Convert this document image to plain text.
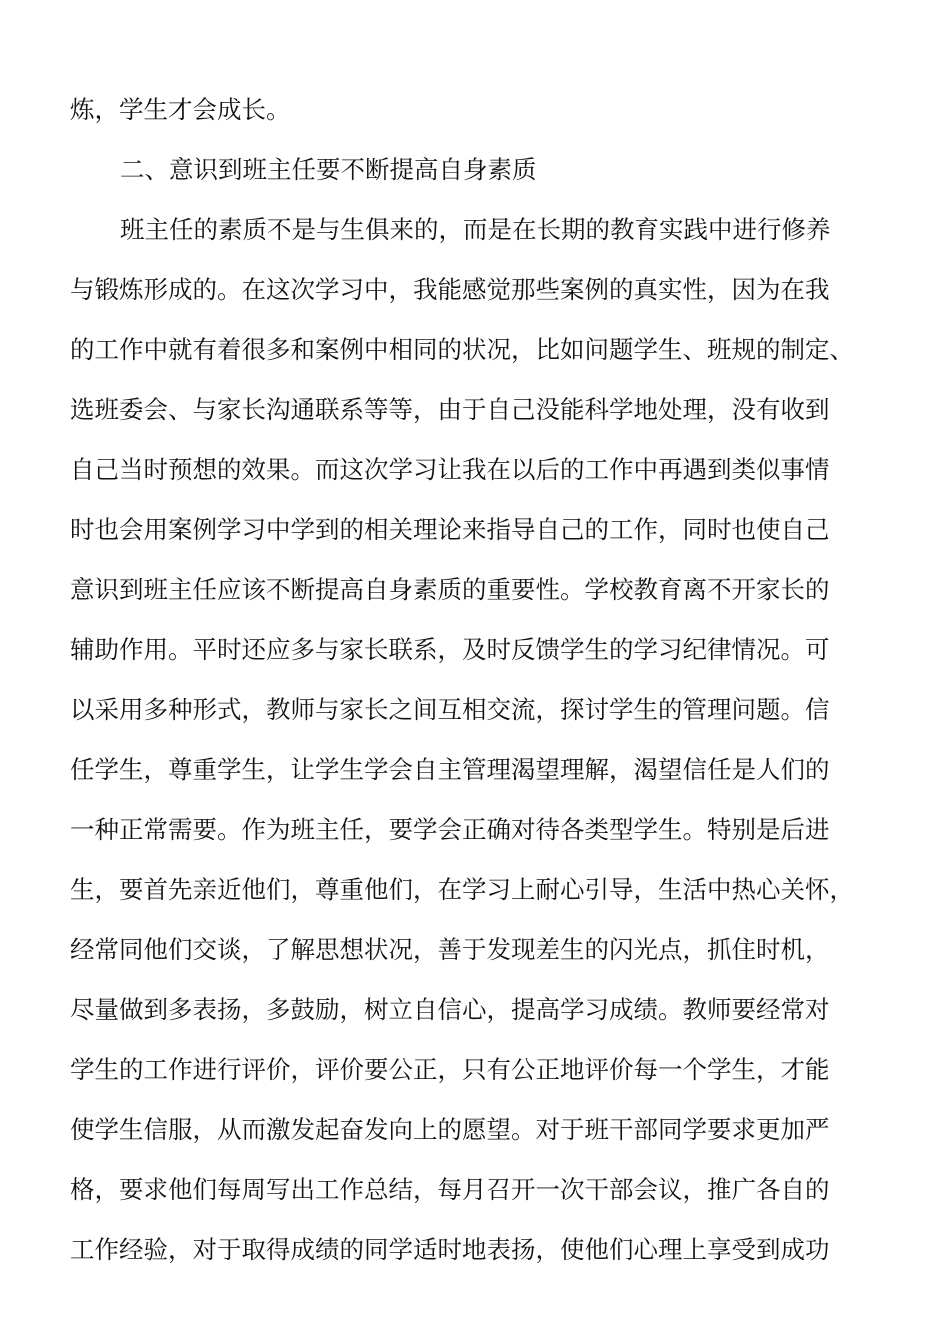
炼，学生才会成长。
二、意识到班主任要不断提高自身素质
班主任的素质不是与生俱来的，而是在长期的教育实践中进行修养
与锻炼形成的。在这次学习中，我能感觉那些案例的真实性，因为在我
的工作中就有着很多和案例中相同的状况，比如问题学生、班规的制定、
选班委会、与家长沟通联系等等，由于自己没能科学地处理，没有收到
自己当时预想的效果。而这次学习让我在以后的工作中再遇到类似事情
时也会用案例学习中学到的相关理论来指导自己的工作，同时也使自己
意识到班主任应该不断提高自身素质的重要性。学校教育离不开家长的
辅助作用。平时还应多与家长联系，及时反馈学生的学习纪律情况。可
以采用多种形式，教师与家长之间互相交流，探讨学生的管理问题。信
任学生，尊重学生，让学生学会自主管理渴望理解，渴望信任是人们的
一种正常需要。作为班主任，要学会正确对待各类型学生。特别是后进
生，要首先亲近他们，尊重他们，在学习上耐心引导，生活中热心关怀，
经常同他们交谈，了解思想状况，善于发现差生的闪光点，抓住时机，
尽量做到多表扬，多鼓励，树立自信心，提高学习成绩。教师要经常对
学生的工作进行评价，评价要公正，只有公正地评价每一个学生，才能
使学生信服，从而激发起奋发向上的愿望。对于班干部同学要求更加严
格，要求他们每周写出工作总结，每月召开一次干部会议，推广各自的
工作经验，对于取得成绩的同学适时地表扬，使他们心理上享受到成功
